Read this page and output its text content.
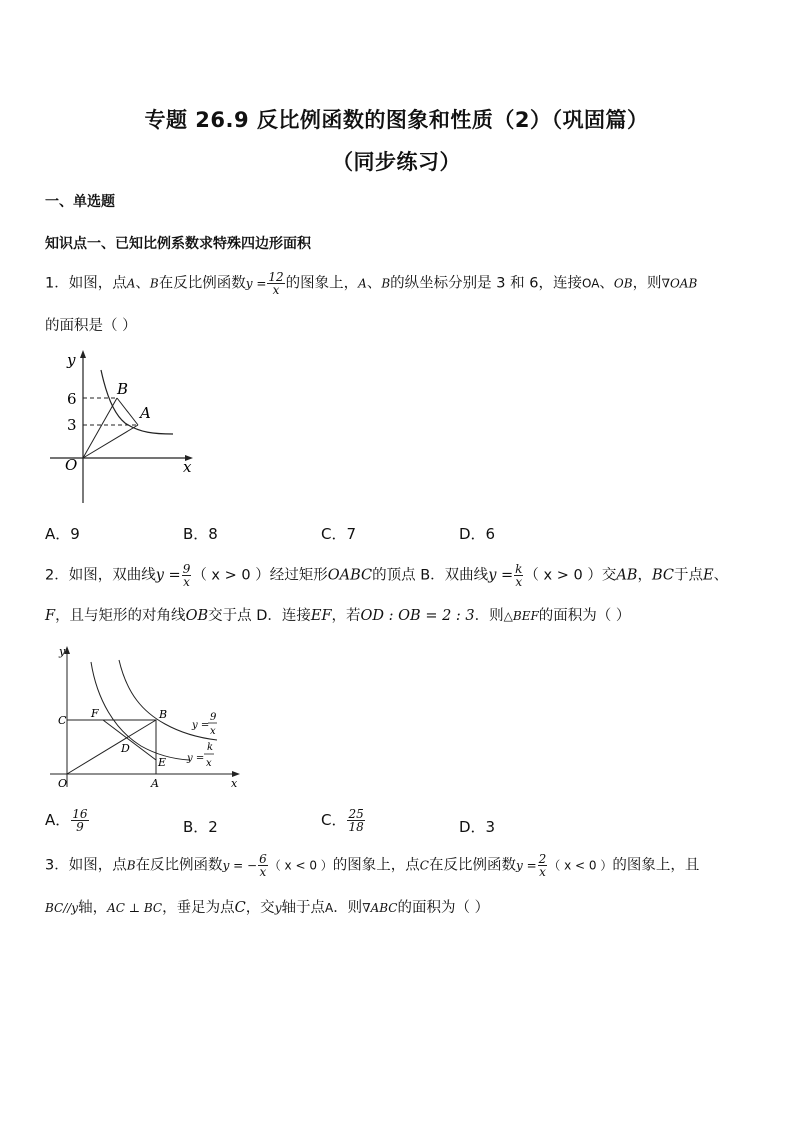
专题 26.9 反比例函数的图象和性质（2）（巩固篇）
（同步练习）
一、单选题
知识点一、已知比例系数求特殊四边形面积
1．如图，点A、B在反比例函数$y = \frac{12}{x}$ 的图象上，A、B的纵坐标分别是 3 和 6，连接OA、OB，则∇OAB
的面积是（ ）
y
x
O
B
A
6
3
A．9	B．8	C．7	D．6
2．如图，双曲线$y = \frac{9}{x}$ （ x > 0 ）经过矩形OABC的顶点 B．双曲线$y = \frac{k}{x}$ （ x > 0 ）交AB，BC于点E、
F，且与矩形的对角线OB交于点 D．连接EF，若OD : OB = 2 : 3．则△BEF的面积为（ ）
y
x
O
C
F	B
D
E
A
y =
9
x
y =
k
x
A． $\frac{16}{9}$	B．2	C． $\frac{25}{18}$	D．3
3．如图，点B在反比例函数y = − $\frac{6}{x}$ （ x < 0 ）的图象上，点C在反比例函数$y = \frac{2}{x}$ （ x < 0 ）的图象上，且
BC//y轴，AC ⊥ BC，垂足为点C，交y轴于点A．则∇ABC的面积为（ ）
